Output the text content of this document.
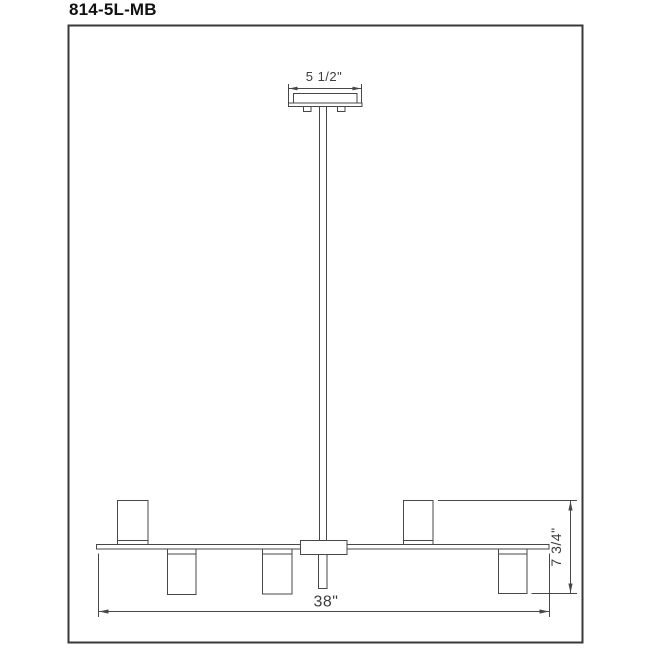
814-5L-MB
5 1/2"
38"
7 3/4"
